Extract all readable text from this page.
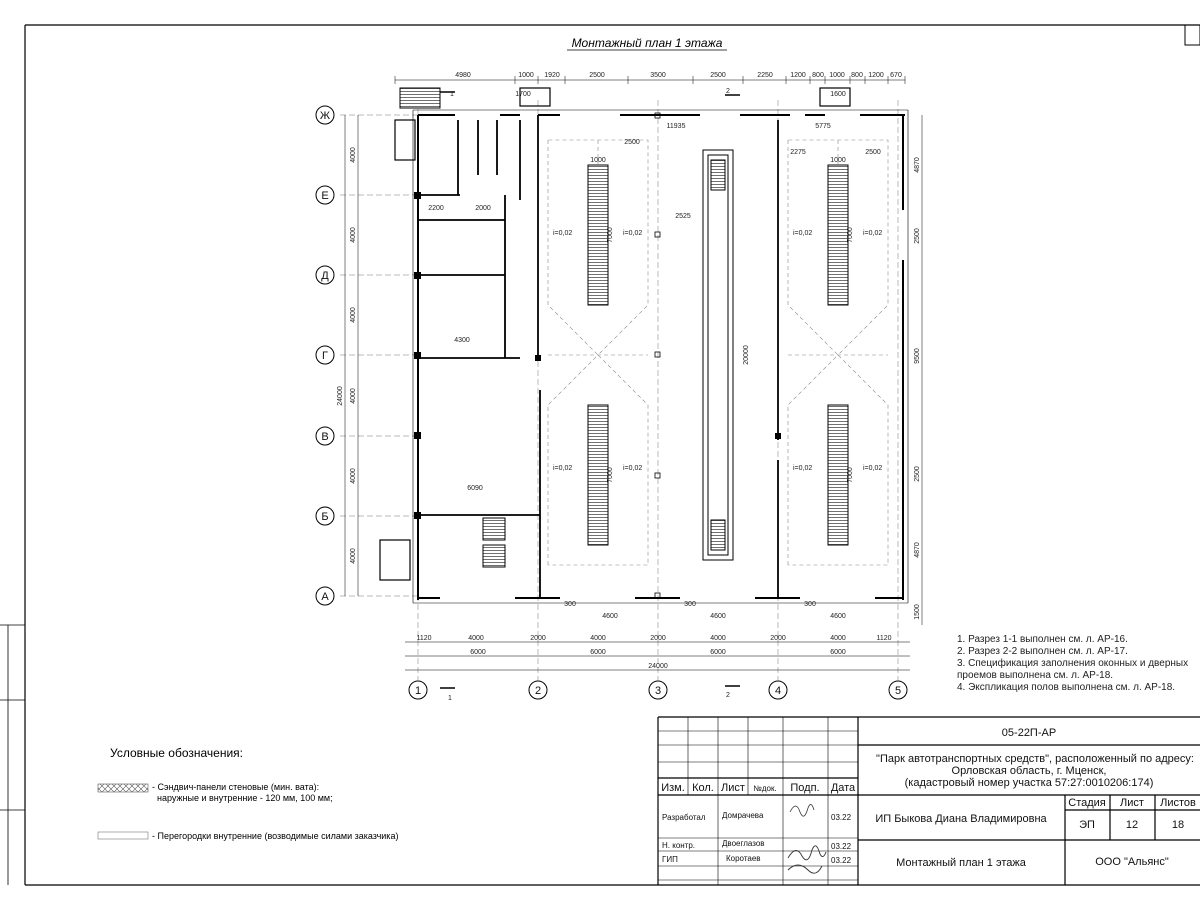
Монтажный план 1 этажа
i=0,02	i=0,02
i=0,02	i=0,02
i=0,02	i=0,02
i=0,02	i=0,02
4980	1000 1920	2500	3500	2500	2250 1200 800 1000 800 1200 670
1700	1600
11935	5775
2500
2275	2500
2525
6090
4300
2200	2000
4600	4600	4600
300	300	300
1000	1000
7000
7000
7000
7000
20000
4000
4000
4000
4000
4000
4000
24000
4870
2500
9500
2500
4870
1500
1120	4000	2000	4000	2000	4000	2000	4000	1120
6000	6000	6000	6000
24000
Ж
Е
Д
Г
В
Б
А
1	2	3	4	5
1
1
2
2
1. Разрез 1-1 выполнен см. л. АР-16.
2. Разрез 2-2 выполнен см. л. АР-17.
3. Спецификация заполнения оконных и дверных
проемов выполнена см. л. АР-18.
4. Экспликация полов выполнена см. л. АР-18.
Условные обозначения:
- Сэндвич-панели стеновые (мин. вата):
наружные и внутренние - 120 мм, 100 мм;
- Перегородки внутренние (возводимые силами заказчика)
Изм. Кол. Лист №док. Подп. Дата
Разработал Домрачева	03.22
Н. контр.	Двоеглазов	03.22
ГИП	Коротаев	03.22
05-22П-АР
"Парк автотранспортных средств", расположенный по адресу:
Орловская область, г. Мценск,
(кадастровый номер участка 57:27:0010206:174)
ИП Быкова Диана Владимировна
Стадия Лист Листов
ЭП	12	18
Монтажный план 1 этажа	ООО "Альянс"
